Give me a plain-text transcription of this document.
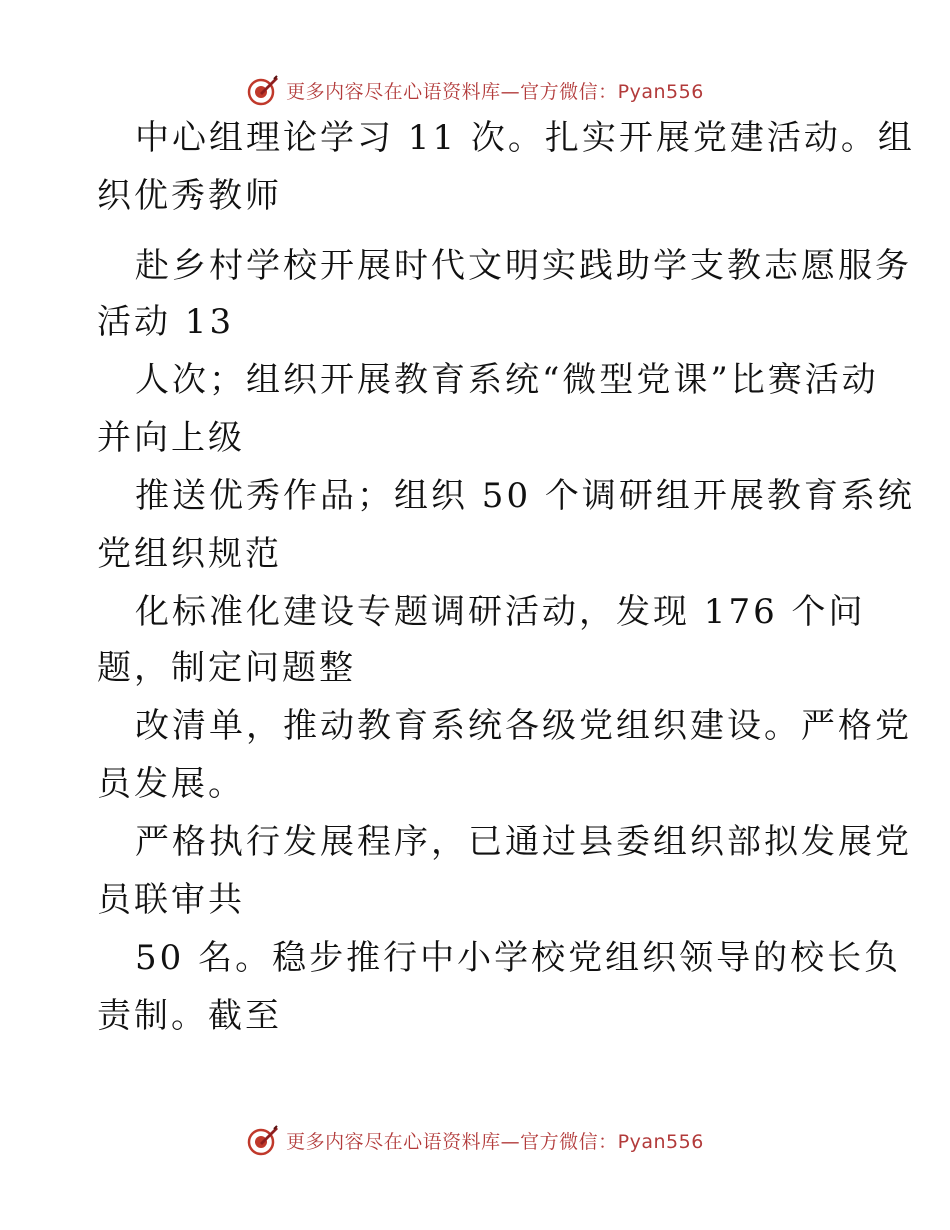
更多内容尽在心语资料库—官方微信：Pyan556
中心组理论学习 11 次。扎实开展党建活动。组
织优秀教师
赴乡村学校开展时代文明实践助学支教志愿服务
活动 13
人次；组织开展教育系统“微型党课”比赛活动
并向上级
推送优秀作品；组织 50 个调研组开展教育系统
党组织规范
化标准化建设专题调研活动，发现 176 个问
题，制定问题整
改清单，推动教育系统各级党组织建设。严格党
员发展。
严格执行发展程序，已通过县委组织部拟发展党
员联审共
50 名。稳步推行中小学校党组织领导的校长负
责制。截至
更多内容尽在心语资料库—官方微信：Pyan556
